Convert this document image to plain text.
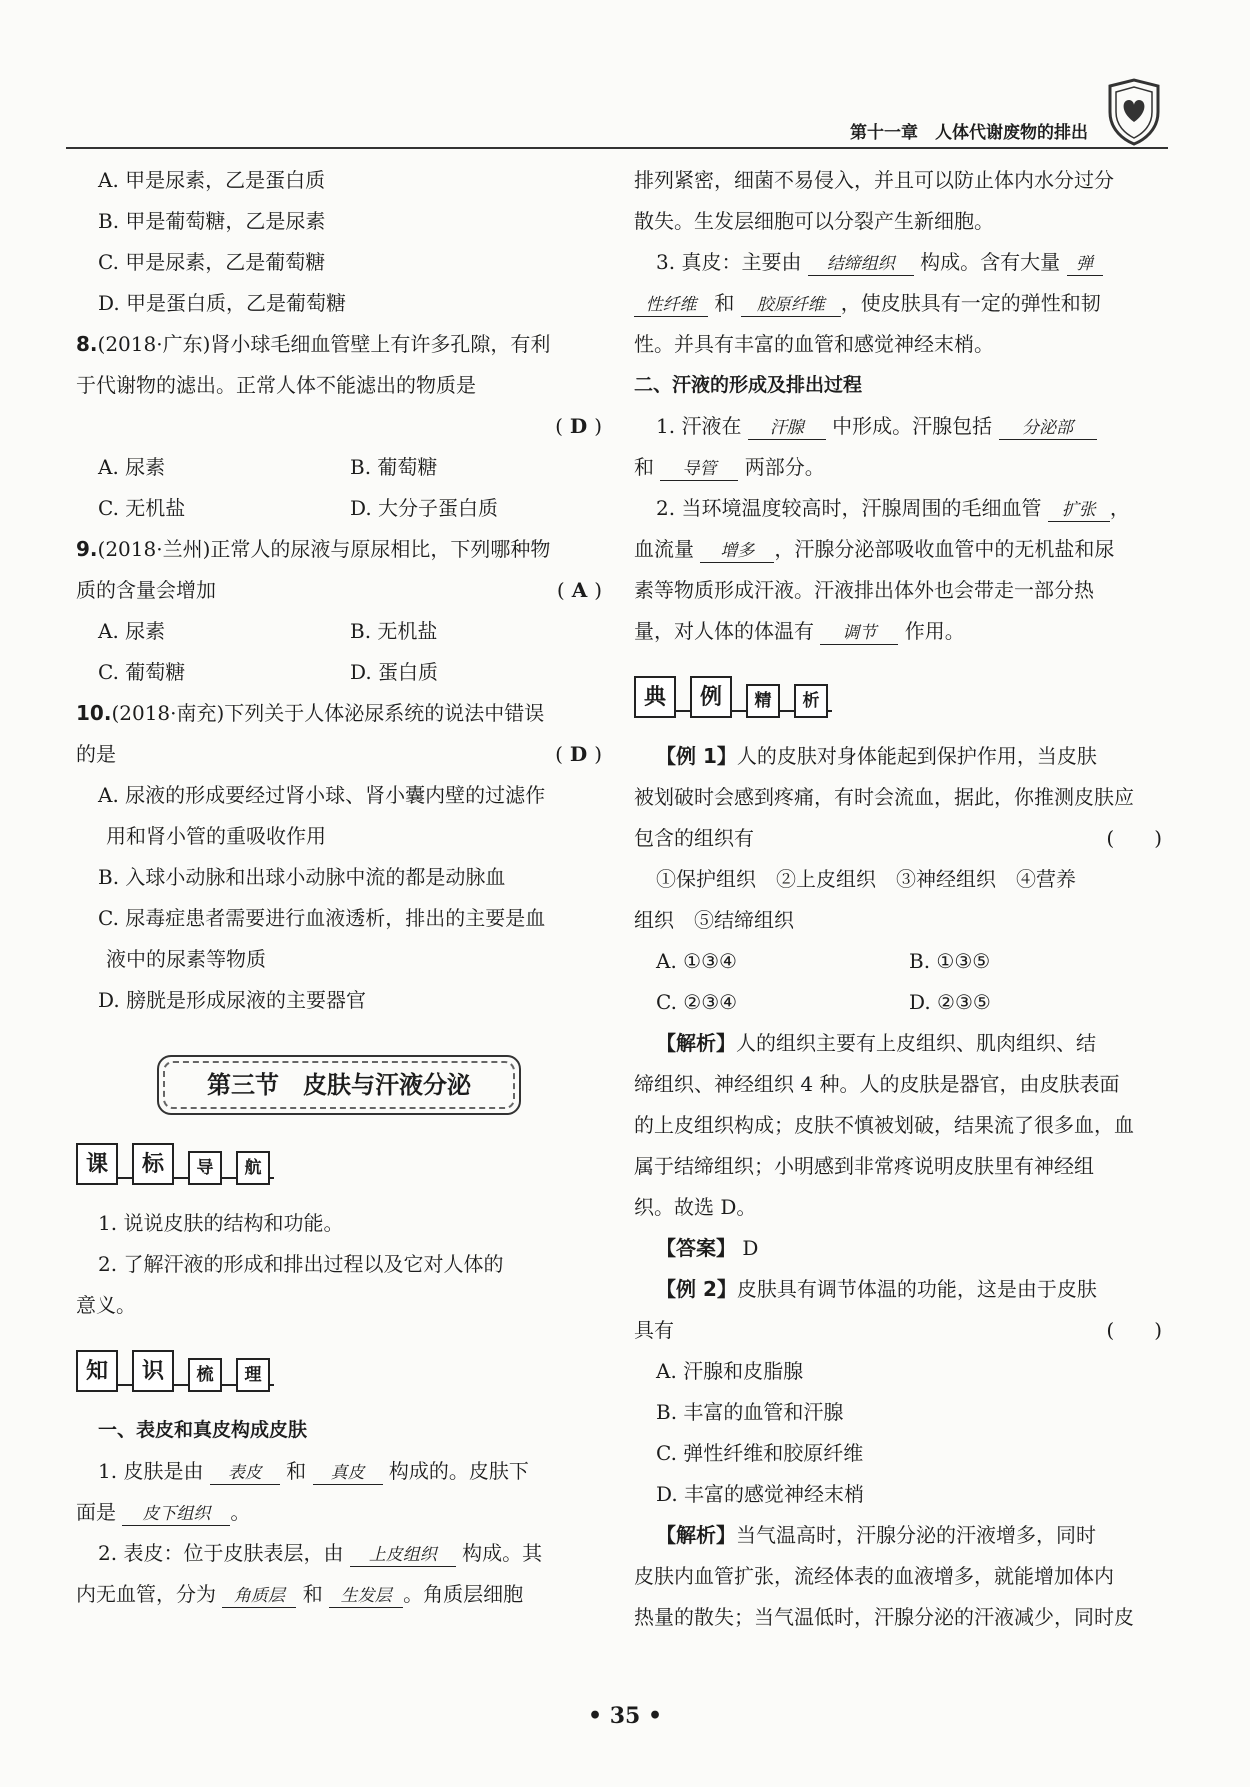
第十一章　人体代谢废物的排出

A. 甲是尿素，乙是蛋白质

B. 甲是葡萄糖，乙是尿素

C. 甲是尿素，乙是葡萄糖

D. 甲是蛋白质，乙是葡萄糖

8.(2018·广东)肾小球毛细血管壁上有许多孔隙，有利

于代谢物的滤出。正常人体不能滤出的物质是

( D )

A. 尿素	B. 葡萄糖
C. 无机盐	D. 大分子蛋白质

9.(2018·兰州)正常人的尿液与原尿相比，下列哪种物

质的含量会增加	( A )

A. 尿素	B. 无机盐
C. 葡萄糖	D. 蛋白质

10.(2018·南充)下列关于人体泌尿系统的说法中错误

的是	( D )

A. 尿液的形成要经过肾小球、肾小囊内壁的过滤作

用和肾小管的重吸收作用

B. 入球小动脉和出球小动脉中流的都是动脉血

C. 尿毒症患者需要进行血液透析，排出的主要是血

液中的尿素等物质

D. 膀胱是形成尿液的主要器官

第三节　皮肤与汗液分泌
课	标	导	航

1. 说说皮肤的结构和功能。

2. 了解汗液的形成和排出过程以及它对人体的

意义。

知	识	梳	理

一、表皮和真皮构成皮肤

1. 皮肤是由 表皮 和 真皮 构成的。皮肤下

面是 皮下组织 。

2. 表皮：位于皮肤表层，由 上皮组织 构成。其

内无血管，分为 角质层 和 生发层 。角质层细胞

排列紧密，细菌不易侵入，并且可以防止体内水分过分

散失。生发层细胞可以分裂产生新细胞。

3. 真皮：主要由 结缔组织 构成。含有大量 弹

性纤维 和 胶原纤维 ，使皮肤具有一定的弹性和韧

性。并具有丰富的血管和感觉神经末梢。

二、汗液的形成及排出过程

1. 汗液在 汗腺 中形成。汗腺包括 分泌部

和 导管 两部分。

2. 当环境温度较高时，汗腺周围的毛细血管 扩张 ，

血流量 增多 ，汗腺分泌部吸收血管中的无机盐和尿

素等物质形成汗液。汗液排出体外也会带走一部分热

量，对人体的体温有 调节 作用。

典	例	精	析

【例 1】人的皮肤对身体能起到保护作用，当皮肤

被划破时会感到疼痛，有时会流血，据此，你推测皮肤应

包含的组织有	(　　)

①保护组织　②上皮组织　③神经组织　④营养

组织　⑤结缔组织

A. ①③④	B. ①③⑤
C. ②③④	D. ②③⑤

【解析】人的组织主要有上皮组织、肌肉组织、结

缔组织、神经组织 4 种。人的皮肤是器官，由皮肤表面

的上皮组织构成；皮肤不慎被划破，结果流了很多血，血

属于结缔组织；小明感到非常疼说明皮肤里有神经组

织。故选 D。

【答案】 D

【例 2】皮肤具有调节体温的功能，这是由于皮肤

具有	(　　)

A. 汗腺和皮脂腺

B. 丰富的血管和汗腺

C. 弹性纤维和胶原纤维

D. 丰富的感觉神经末梢

【解析】当气温高时，汗腺分泌的汗液增多，同时

皮肤内血管扩张，流经体表的血液增多，就能增加体内

热量的散失；当气温低时，汗腺分泌的汗液减少，同时皮

• 35 •
